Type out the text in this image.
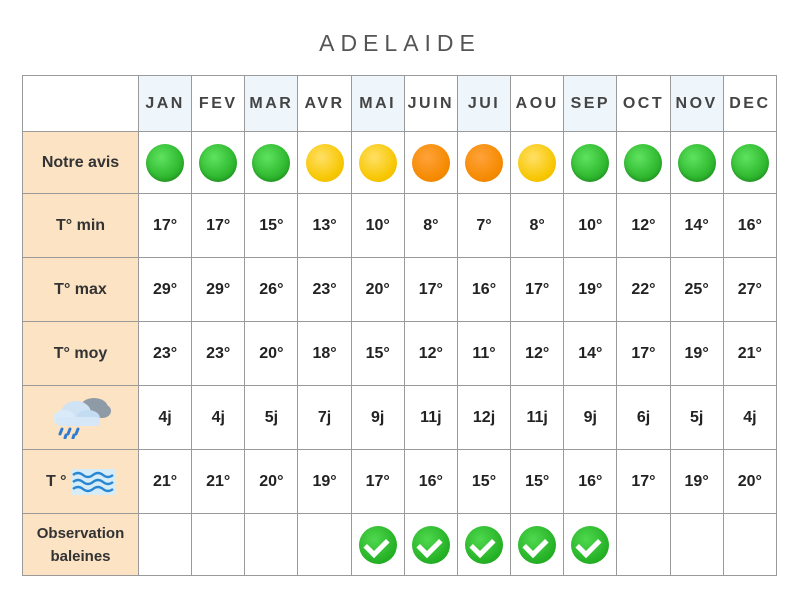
ADELAIDE
	JAN	FEV	MAR	AVR	MAI	JUIN	JUI	AOU	SEP	OCT	NOV	DEC
Notre avis												
T° min	17°	17°	15°	13°	10°	8°	7°	8°	10°	12°	14°	16°
T° max	29°	29°	26°	23°	20°	17°	16°	17°	19°	22°	25°	27°
T° moy	23°	23°	20°	18°	15°	12°	11°	12°	14°	17°	19°	21°
	4j	4j	5j	7j	9j	11j	12j	11j	9j	6j	5j	4j
T °	21°	21°	20°	19°	17°	16°	15°	15°	16°	17°	19°	20°
Observation
baleines												
